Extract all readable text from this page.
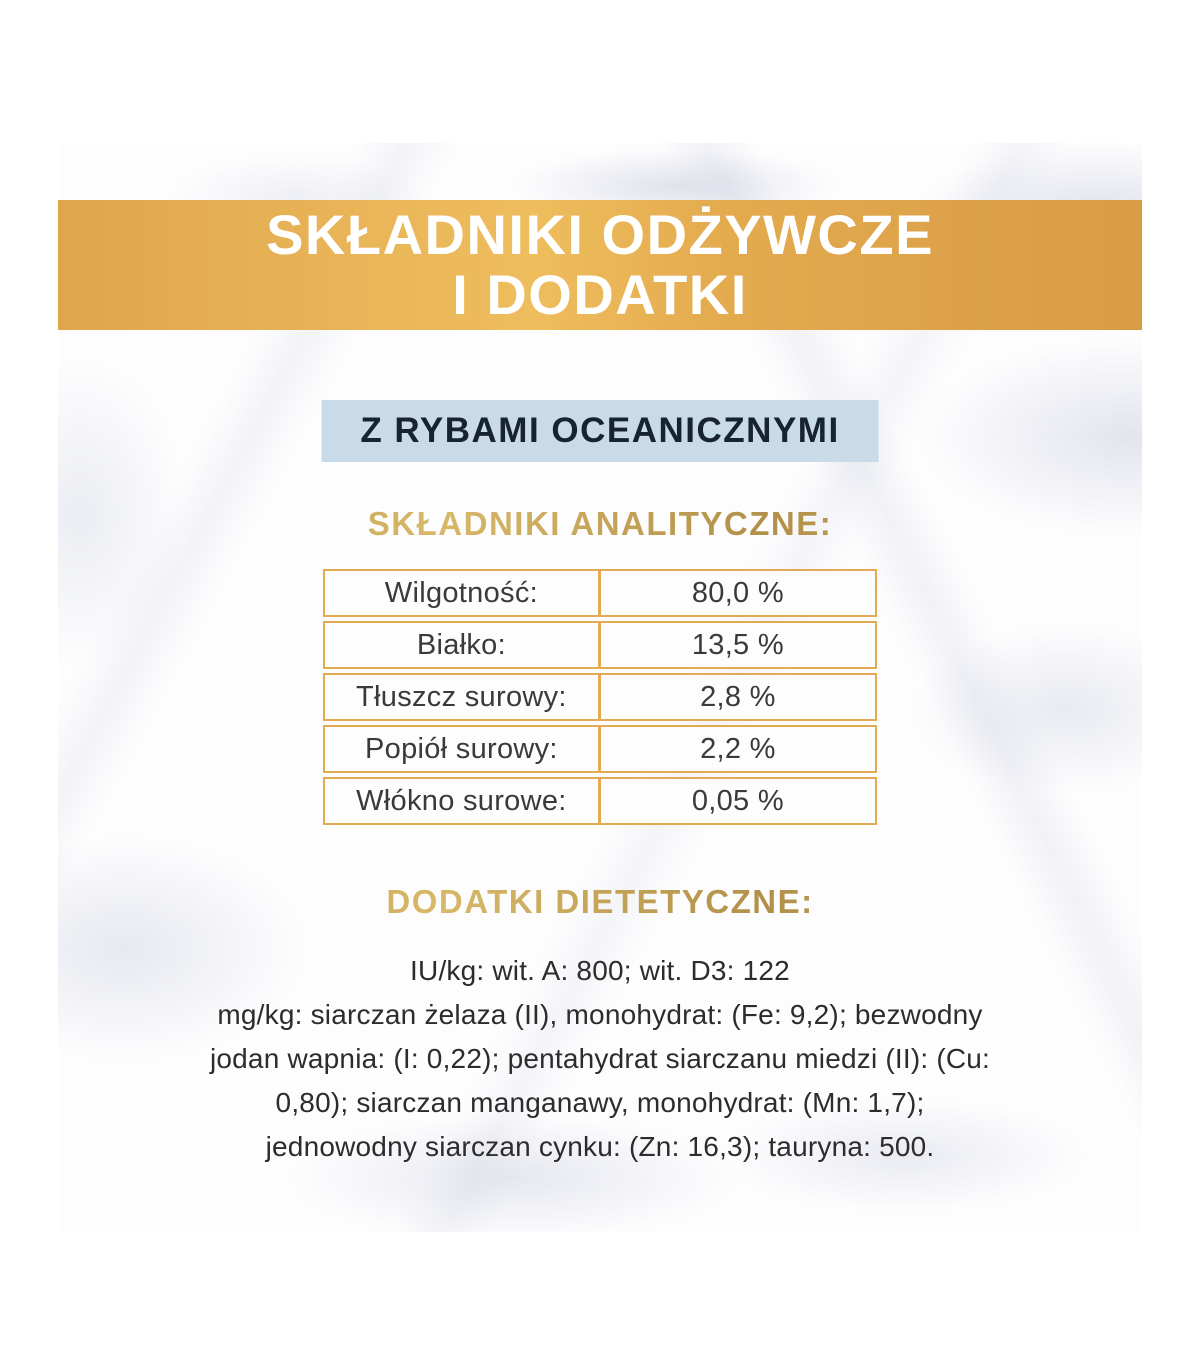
SKŁADNIKI ODŻYWCZE
I DODATKI
Z RYBAMI OCEANICZNYMI
SKŁADNIKI ANALITYCZNE:
Wilgotność:	80,0 %
Białko:	13,5 %
Tłuszcz surowy:	2,8 %
Popiół surowy:	2,2 %
Włókno surowe:	0,05 %
DODATKI DIETETYCZNE:
IU/kg: wit. A: 800; wit. D3: 122
mg/kg: siarczan żelaza (II), monohydrat: (Fe: 9,2); bezwodny
jodan wapnia: (I: 0,22); pentahydrat siarczanu miedzi (II): (Cu:
0,80); siarczan manganawy, monohydrat: (Mn: 1,7);
jednowodny siarczan cynku: (Zn: 16,3); tauryna: 500.
